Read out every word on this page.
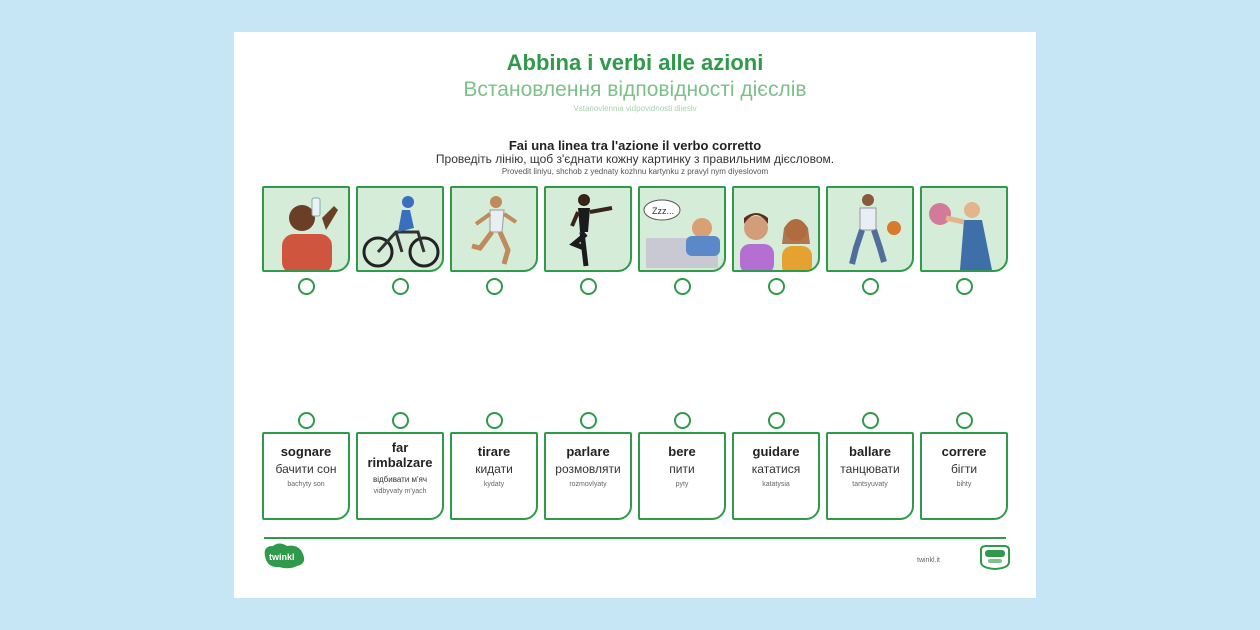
Abbina i verbi alle azioni
Встановлення відповідності дієслів
Vstanovlennia vidpovidnosti diieslv
Fai una linea tra l'azione il verbo corretto
Проведіть лінію, щоб з'єднати кожну картинку з правильним дієсловом.
Provedit liniyu, shchob z yednaty kozhnu kartynku z pravyl nym diyeslovom
Zzz...
sognare
бачити сон
bachyty son
far rimbalzare
відбивати м'яч
vidbyvaty m'yach
tirare
кидати
kydaty
parlare
розмовляти
rozmovlyaty
bere
пити
pyty
guidare
кататися
katatysia
ballare
танцювати
tantsyuvaty
correre
бігти
bihty
twinkl	twinkl.it
